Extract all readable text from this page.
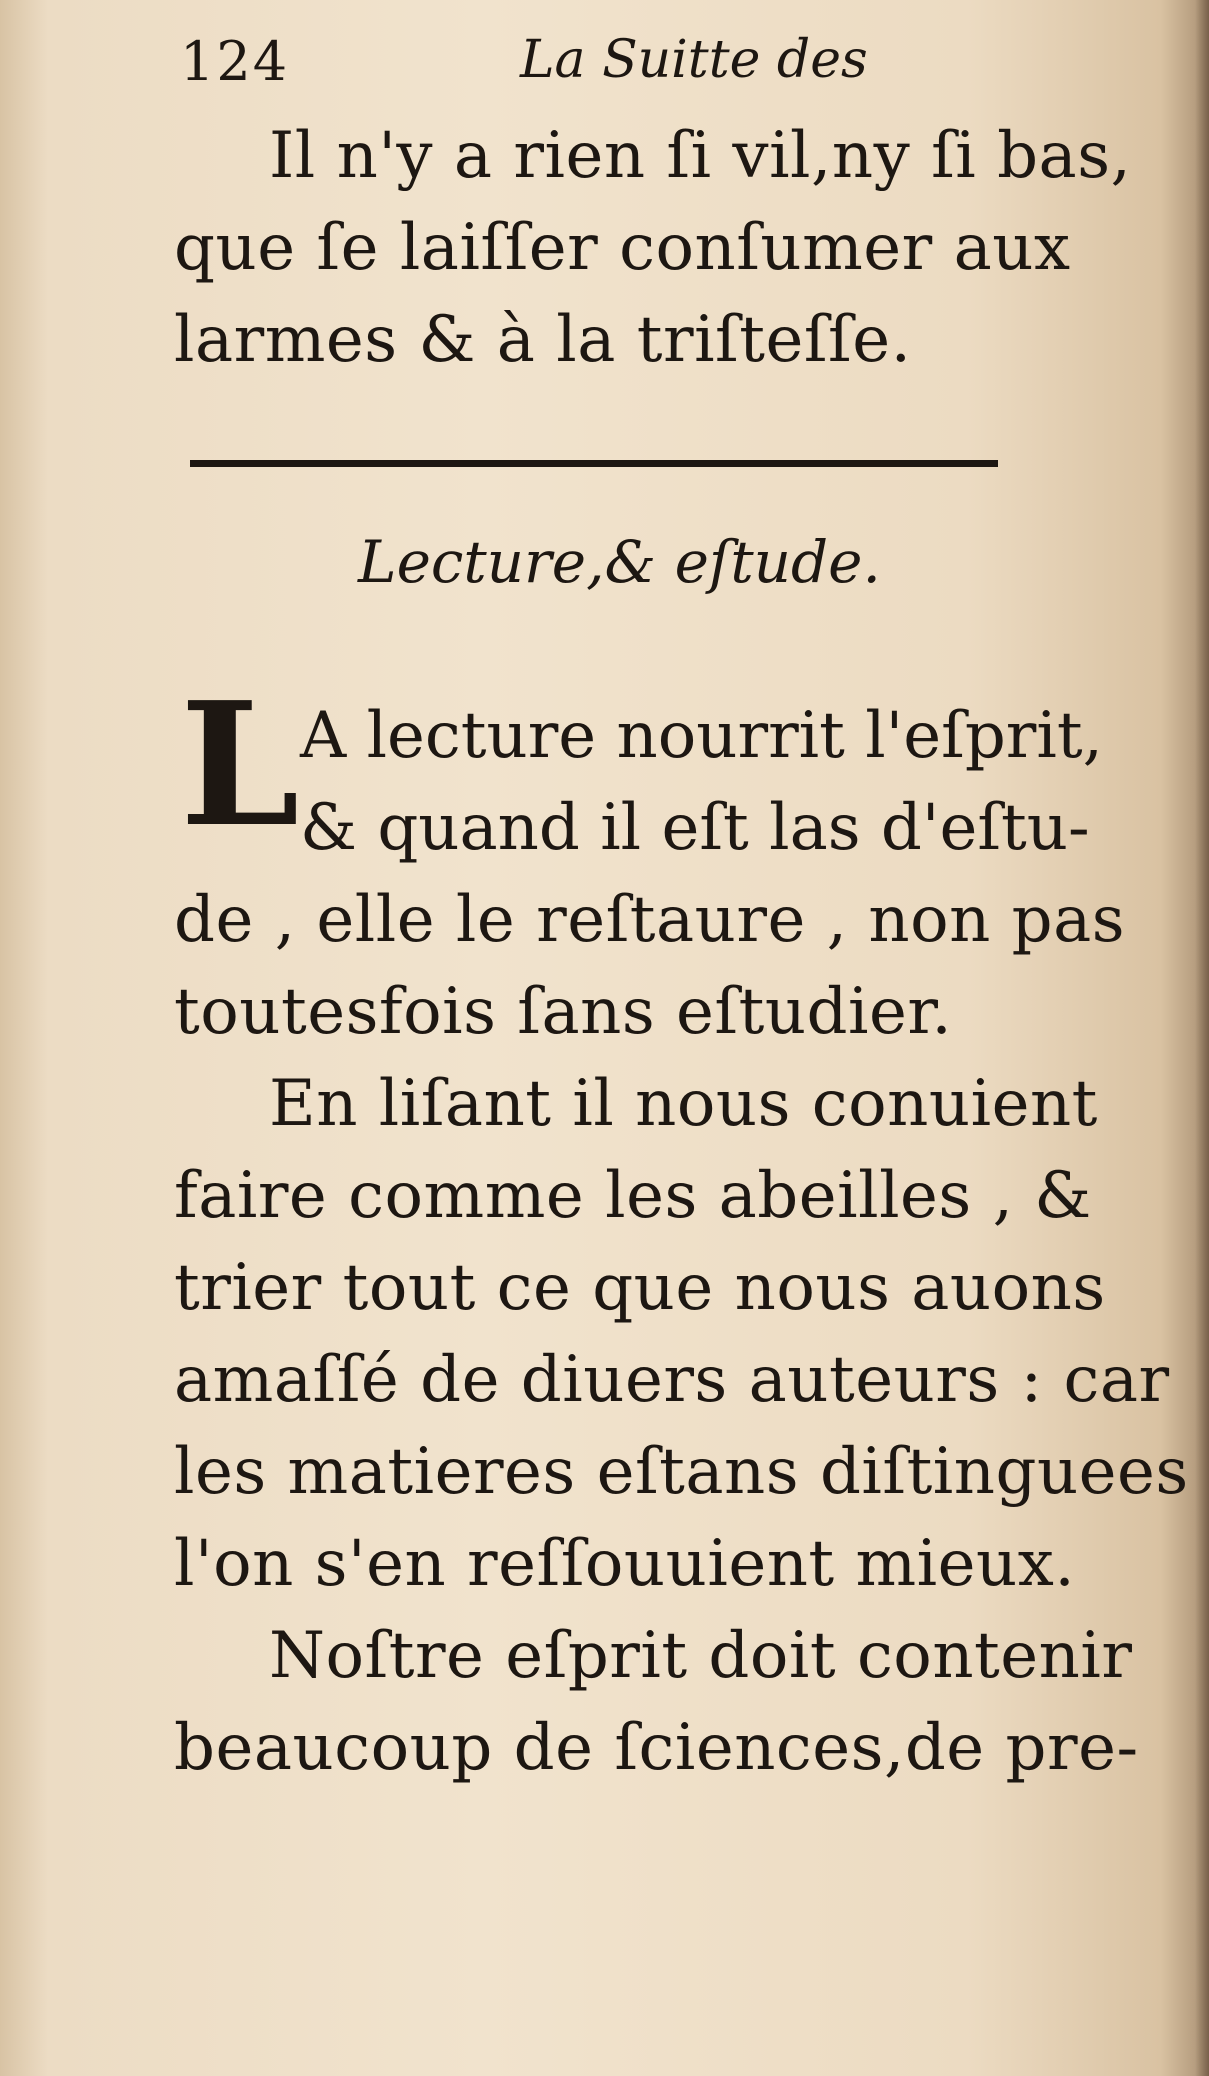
124	La Suitte des
Il n'y a rien ſi vil,ny ſi bas,
que ſe laiſſer conſumer aux
larmes & à la triſteſſe.
Lecture,& eſtude.
L A lecture nourrit l'eſprit,
& quand il eſt las d'eſtu-
de , elle le reſtaure , non pas
toutesfois ſans eſtudier.
En liſant il nous conuient
faire comme les abeilles , &
trier tout ce que nous auons
amaſſé de diuers auteurs : car
les matieres eſtans diſtinguees
l'on s'en reſſouuient mieux.
Noſtre eſprit doit contenir
beaucoup de ſciences,de pre-
